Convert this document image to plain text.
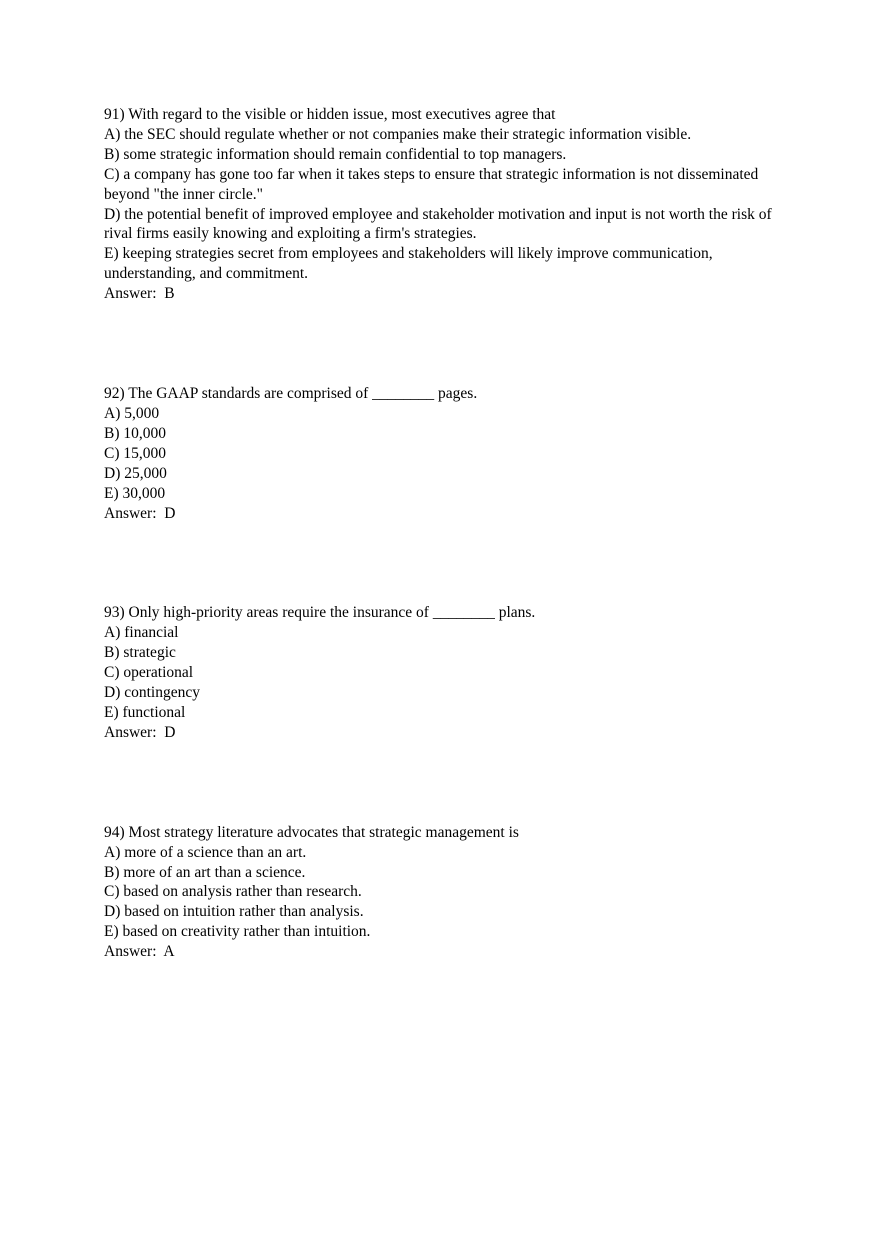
91) With regard to the visible or hidden issue, most executives agree that
A) the SEC should regulate whether or not companies make their strategic information visible.
B) some strategic information should remain confidential to top managers.
C) a company has gone too far when it takes steps to ensure that strategic information is not disseminated beyond "the inner circle."
D) the potential benefit of improved employee and stakeholder motivation and input is not worth the risk of rival firms easily knowing and exploiting a firm's strategies.
E) keeping strategies secret from employees and stakeholders will likely improve communication, understanding, and commitment.
Answer:  B
92) The GAAP standards are comprised of ________ pages.
A) 5,000
B) 10,000
C) 15,000
D) 25,000
E) 30,000
Answer:  D
93) Only high-priority areas require the insurance of ________ plans.
A) financial
B) strategic
C) operational
D) contingency
E) functional
Answer:  D
94) Most strategy literature advocates that strategic management is
A) more of a science than an art.
B) more of an art than a science.
C) based on analysis rather than research.
D) based on intuition rather than analysis.
E) based on creativity rather than intuition.
Answer:  A
